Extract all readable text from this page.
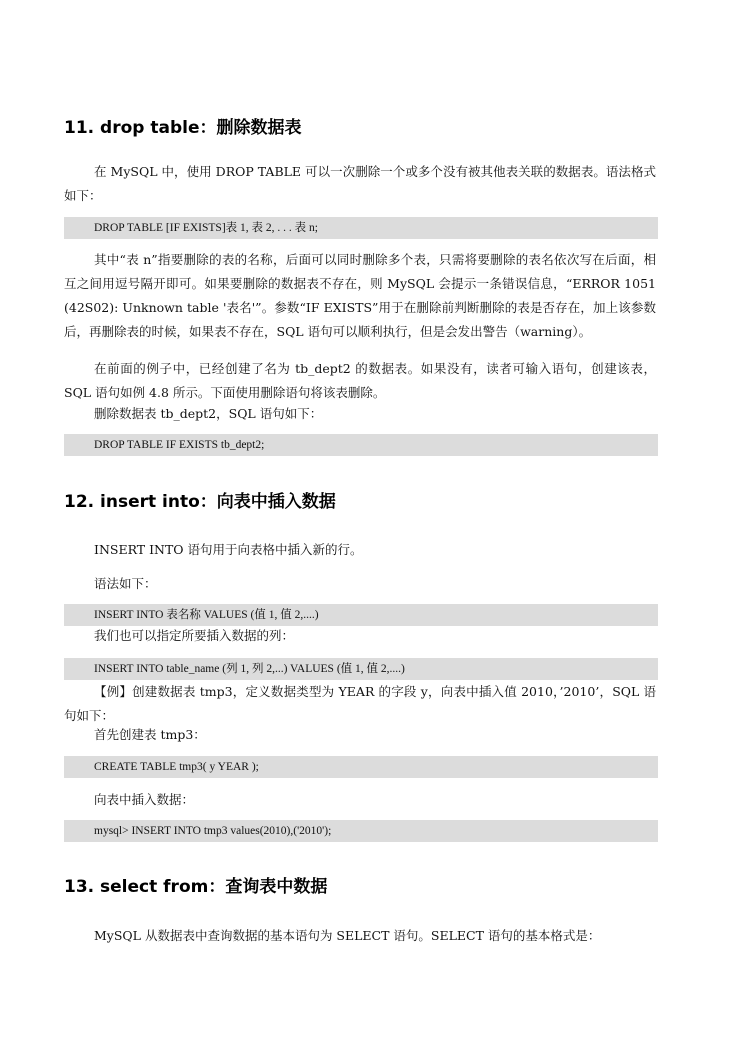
11. drop table：删除数据表

在 MySQL 中，使用 DROP TABLE 可以一次删除一个或多个没有被其他表关联的数据表。语法格式如下：

DROP TABLE [IF EXISTS]表 1, 表 2, . . . 表 n;

其中“表 n”指要删除的表的名称，后面可以同时删除多个表，只需将要删除的表名依次写在后面，相互之间用逗号隔开即可。如果要删除的数据表不存在，则 MySQL 会提示一条错误信息，“ERROR 1051 (42S02): Unknown table '表名'”。参数“IF EXISTS”用于在删除前判断删除的表是否存在，加上该参数后，再删除表的时候，如果表不存在，SQL 语句可以顺利执行，但是会发出警告（warning）。

在前面的例子中，已经创建了名为 tb_dept2 的数据表。如果没有，读者可输入语句，创建该表，SQL 语句如例 4.8 所示。下面使用删除语句将该表删除。

删除数据表 tb_dept2，SQL 语句如下：

DROP TABLE IF EXISTS tb_dept2;
12. insert into：向表中插入数据

INSERT INTO 语句用于向表格中插入新的行。

语法如下：

INSERT INTO 表名称 VALUES (值 1, 值 2,....)

我们也可以指定所要插入数据的列：

INSERT INTO table_name (列 1, 列 2,...) VALUES (值 1, 值 2,....)

【例】创建数据表 tmp3，定义数据类型为 YEAR 的字段 y，向表中插入值 2010，’2010’，SQL 语句如下：

首先创建表 tmp3：

CREATE TABLE tmp3( y YEAR );

向表中插入数据：

mysql> INSERT INTO tmp3 values(2010),('2010');
13. select from：查询表中数据

MySQL 从数据表中查询数据的基本语句为 SELECT 语句。SELECT 语句的基本格式是：
